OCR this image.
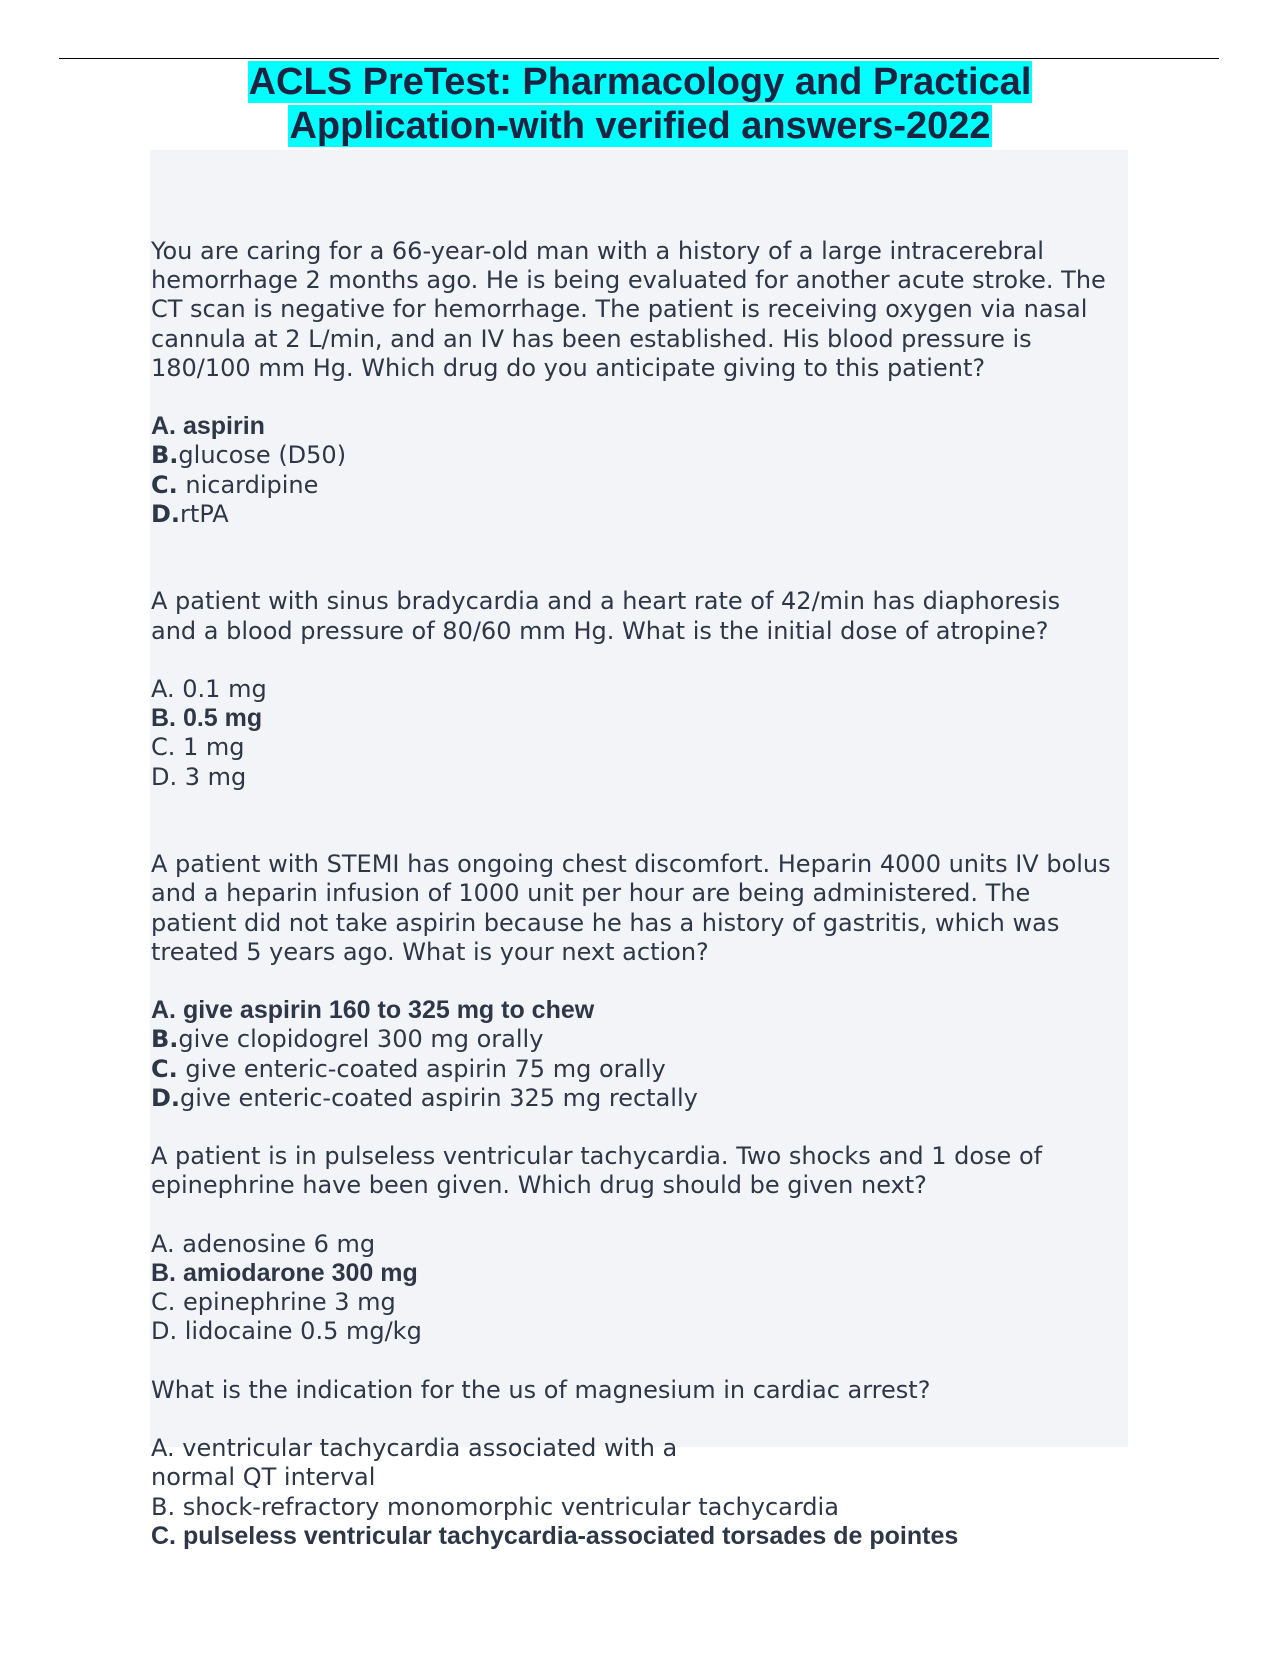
ACLS PreTest: Pharmacology and Practical
Application-with verified answers-2022

You are caring for a 66-year-old man with a history of a large intracerebral hemorrhage 2 months ago. He is being evaluated for another acute stroke. The CT scan is negative for hemorrhage. The patient is receiving oxygen via nasal cannula at 2 L/min, and an IV has been established. His blood pressure is 180/100 mm Hg. Which drug do you anticipate giving to this patient?

A. aspirin
B.glucose (D50)
C. nicardipine
D.rtPA

A patient with sinus bradycardia and a heart rate of 42/min has diaphoresis and a blood pressure of 80/60 mm Hg. What is the initial dose of atropine?

A. 0.1 mg
B. 0.5 mg
C. 1 mg
D. 3 mg

A patient with STEMI has ongoing chest discomfort. Heparin 4000 units IV bolus and a heparin infusion of 1000 unit per hour are being administered. The patient did not take aspirin because he has a history of gastritis, which was treated 5 years ago. What is your next action?

A. give aspirin 160 to 325 mg to chew
B.give clopidogrel 300 mg orally
C. give enteric-coated aspirin 75 mg orally
D.give enteric-coated aspirin 325 mg rectally

A patient is in pulseless ventricular tachycardia. Two shocks and 1 dose of epinephrine have been given. Which drug should be given next?

A. adenosine 6 mg
B. amiodarone 300 mg
C. epinephrine 3 mg
D. lidocaine 0.5 mg/kg

What is the indication for the us of magnesium in cardiac arrest?

A. ventricular tachycardia associated with a
normal QT interval
B. shock-refractory monomorphic ventricular tachycardia
C. pulseless ventricular tachycardia-associated torsades de pointes
